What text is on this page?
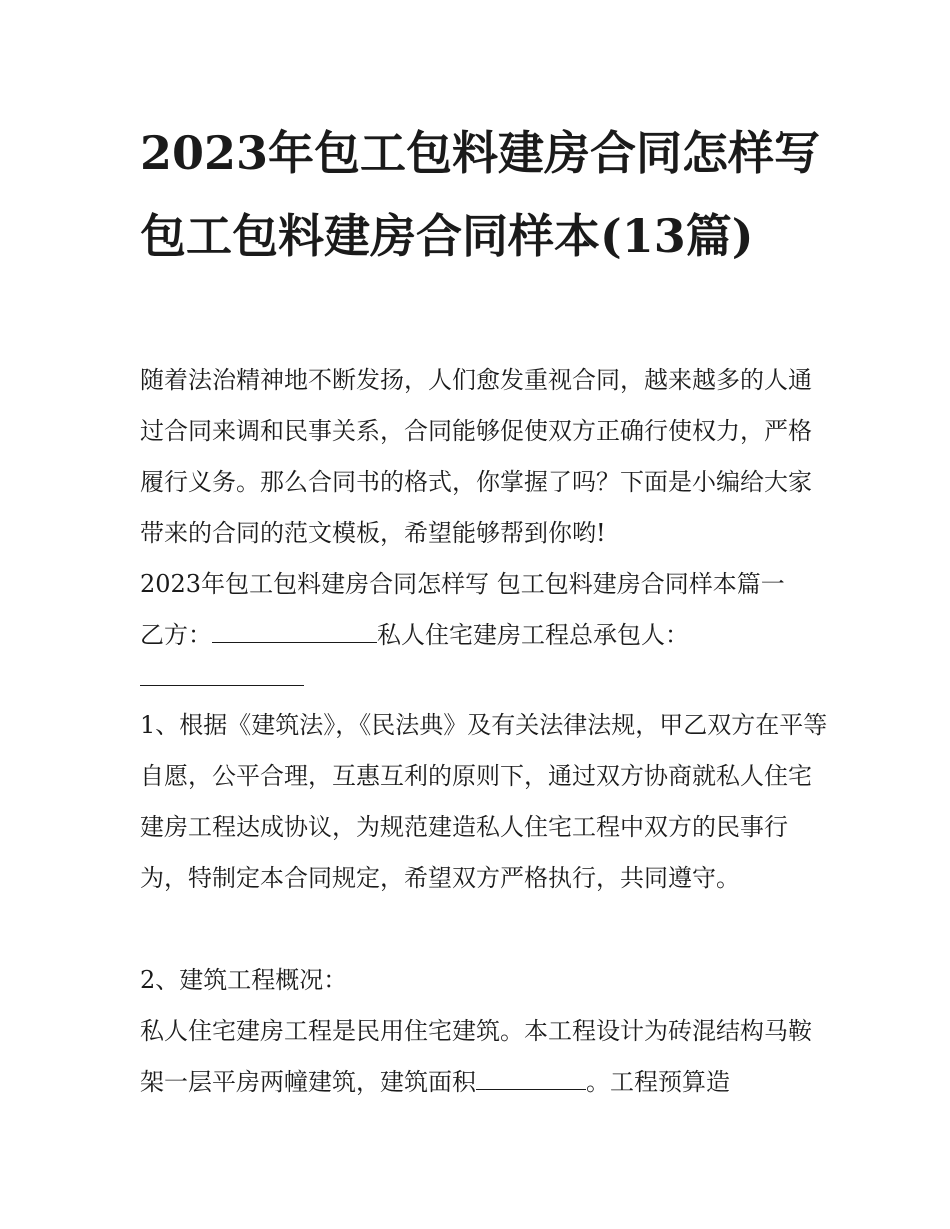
2023年包工包料建房合同怎样写 包工包料建房合同样本(13篇)

随着法治精神地不断发扬，人们愈发重视合同，越来越多的人通过合同来调和民事关系，合同能够促使双方正确行使权力，严格履行义务。那么合同书的格式，你掌握了吗？下面是小编给大家带来的合同的范文模板，希望能够帮到你哟!

2023年包工包料建房合同怎样写 包工包料建房合同样本篇一

乙方：	私人住宅建房工程总承包人：

1、根据《建筑法》，《民法典》及有关法律法规，甲乙双方在平等自愿，公平合理，互惠互利的原则下，通过双方协商就私人住宅建房工程达成协议，为规范建造私人住宅工程中双方的民事行为，特制定本合同规定，希望双方严格执行，共同遵守。

2、建筑工程概况：

私人住宅建房工程是民用住宅建筑。本工程设计为砖混结构马鞍架一层平房两幢建筑，建筑面积	。工程预算造
